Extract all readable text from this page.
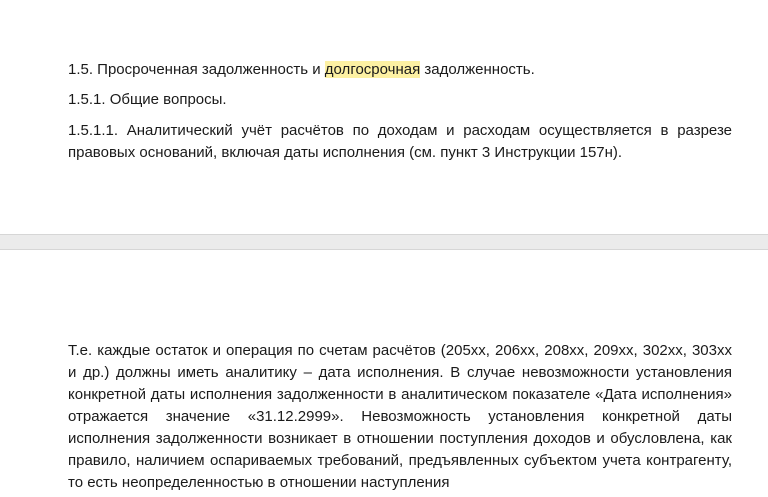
1.5. Просроченная задолженность и долгосрочная задолженность.

1.5.1. Общие вопросы.

1.5.1.1. Аналитический учёт расчётов по доходам и расходам осуществляется в разрезе правовых оснований, включая даты исполнения (см. пункт 3 Инструкции 157н).

Т.е. каждые остаток и операция по счетам расчётов (205хх, 206хх, 208хх, 209хх, 302хх, 303хх и др.) должны иметь аналитику – дата исполнения. В случае невозможности установления конкретной даты исполнения задолженности в аналитическом показателе «Дата исполнения» отражается значение «31.12.2999». Невозможность установления конкретной даты исполнения задолженности возникает в отношении поступления доходов и обусловлена, как правило, наличием оспариваемых требований, предъявленных субъектом учета контрагенту, то есть неопределенностью в отношении наступления
